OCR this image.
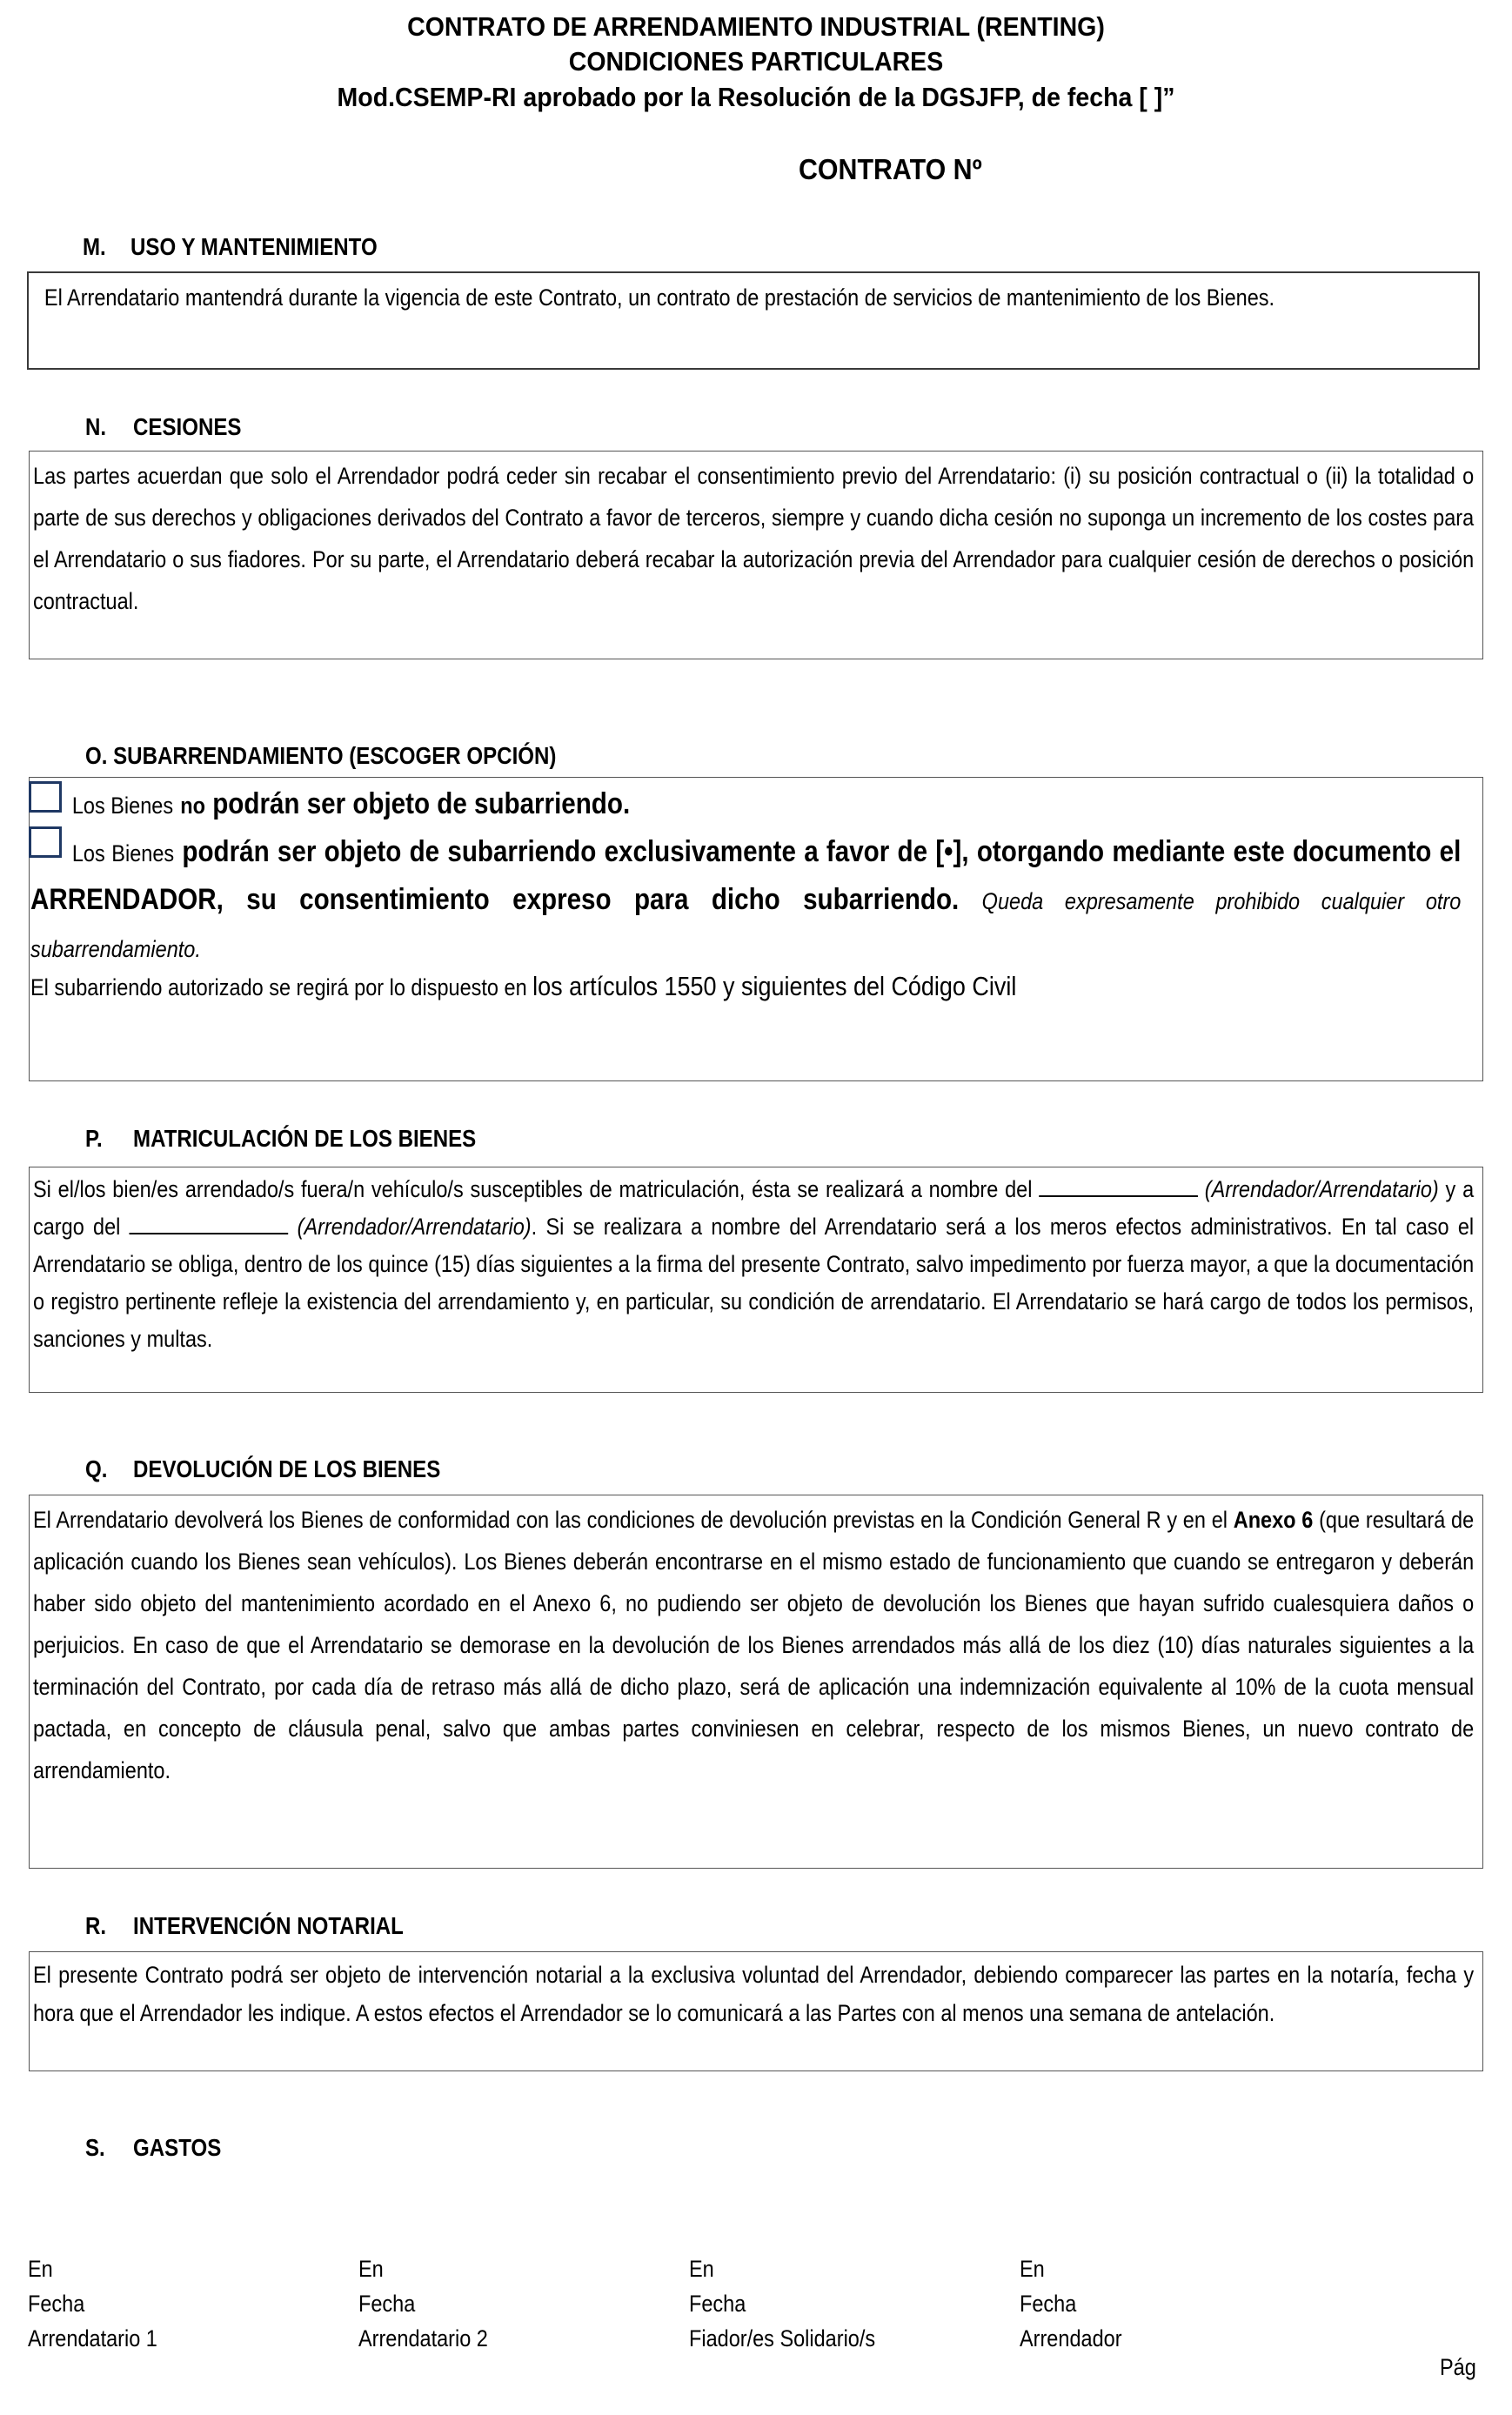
CONTRATO DE ARRENDAMIENTO INDUSTRIAL (RENTING)
CONDICIONES PARTICULARES
Mod.CSEMP-RI aprobado por la Resolución de la DGSJFP, de fecha [ ]”
CONTRATO Nº
M. USO Y MANTENIMIENTO
El Arrendatario mantendrá durante la vigencia de este Contrato, un contrato de prestación de servicios de mantenimiento de los Bienes.
N. CESIONES
Las partes acuerdan que solo el Arrendador podrá ceder sin recabar el consentimiento previo del Arrendatario: (i) su posición contractual o (ii) la totalidad o parte de sus derechos y obligaciones derivados del Contrato a favor de terceros, siempre y cuando dicha cesión no suponga un incremento de los costes para el Arrendatario o sus fiadores. Por su parte, el Arrendatario deberá recabar la autorización previa del Arrendador para cualquier cesión de derechos o posición contractual.
O. SUBARRENDAMIENTO (ESCOGER OPCIÓN)
Los Bienes no podrán ser objeto de subarriendo.
Los Bienes podrán ser objeto de subarriendo exclusivamente a favor de [•], otorgando mediante este documento el ARRENDADOR, su consentimiento expreso para dicho subarriendo. Queda expresamente prohibido cualquier otro subarrendamiento.
El subarriendo autorizado se regirá por lo dispuesto en los artículos 1550 y siguientes del Código Civil
P. MATRICULACIÓN DE LOS BIENES
Si el/los bien/es arrendado/s fuera/n vehículo/s susceptibles de matriculación, ésta se realizará a nombre del	(Arrendador/Arrendatario) y a cargo del	(Arrendador/Arrendatario). Si se realizara a nombre del Arrendatario será a los meros efectos administrativos. En tal caso el Arrendatario se obliga, dentro de los quince (15) días siguientes a la firma del presente Contrato, salvo impedimento por fuerza mayor, a que la documentación o registro pertinente refleje la existencia del arrendamiento y, en particular, su condición de arrendatario. El Arrendatario se hará cargo de todos los permisos, sanciones y multas.
Q. DEVOLUCIÓN DE LOS BIENES
El Arrendatario devolverá los Bienes de conformidad con las condiciones de devolución previstas en la Condición General R y en el Anexo 6 (que resultará de aplicación cuando los Bienes sean vehículos). Los Bienes deberán encontrarse en el mismo estado de funcionamiento que cuando se entregaron y deberán haber sido objeto del mantenimiento acordado en el Anexo 6, no pudiendo ser objeto de devolución los Bienes que hayan sufrido cualesquiera daños o perjuicios. En caso de que el Arrendatario se demorase en la devolución de los Bienes arrendados más allá de los diez (10) días naturales siguientes a la terminación del Contrato, por cada día de retraso más allá de dicho plazo, será de aplicación una indemnización equivalente al 10% de la cuota mensual pactada, en concepto de cláusula penal, salvo que ambas partes conviniesen en celebrar, respecto de los mismos Bienes, un nuevo contrato de arrendamiento.
R. INTERVENCIÓN NOTARIAL
El presente Contrato podrá ser objeto de intervención notarial a la exclusiva voluntad del Arrendador, debiendo comparecer las partes en la notaría, fecha y hora que el Arrendador les indique. A estos efectos el Arrendador se lo comunicará a las Partes con al menos una semana de antelación.
S. GASTOS
En
Fecha
Arrendatario 1
En
Fecha
Arrendatario 2
En
Fecha
Fiador/es Solidario/s
En
Fecha
Arrendador
Pág
